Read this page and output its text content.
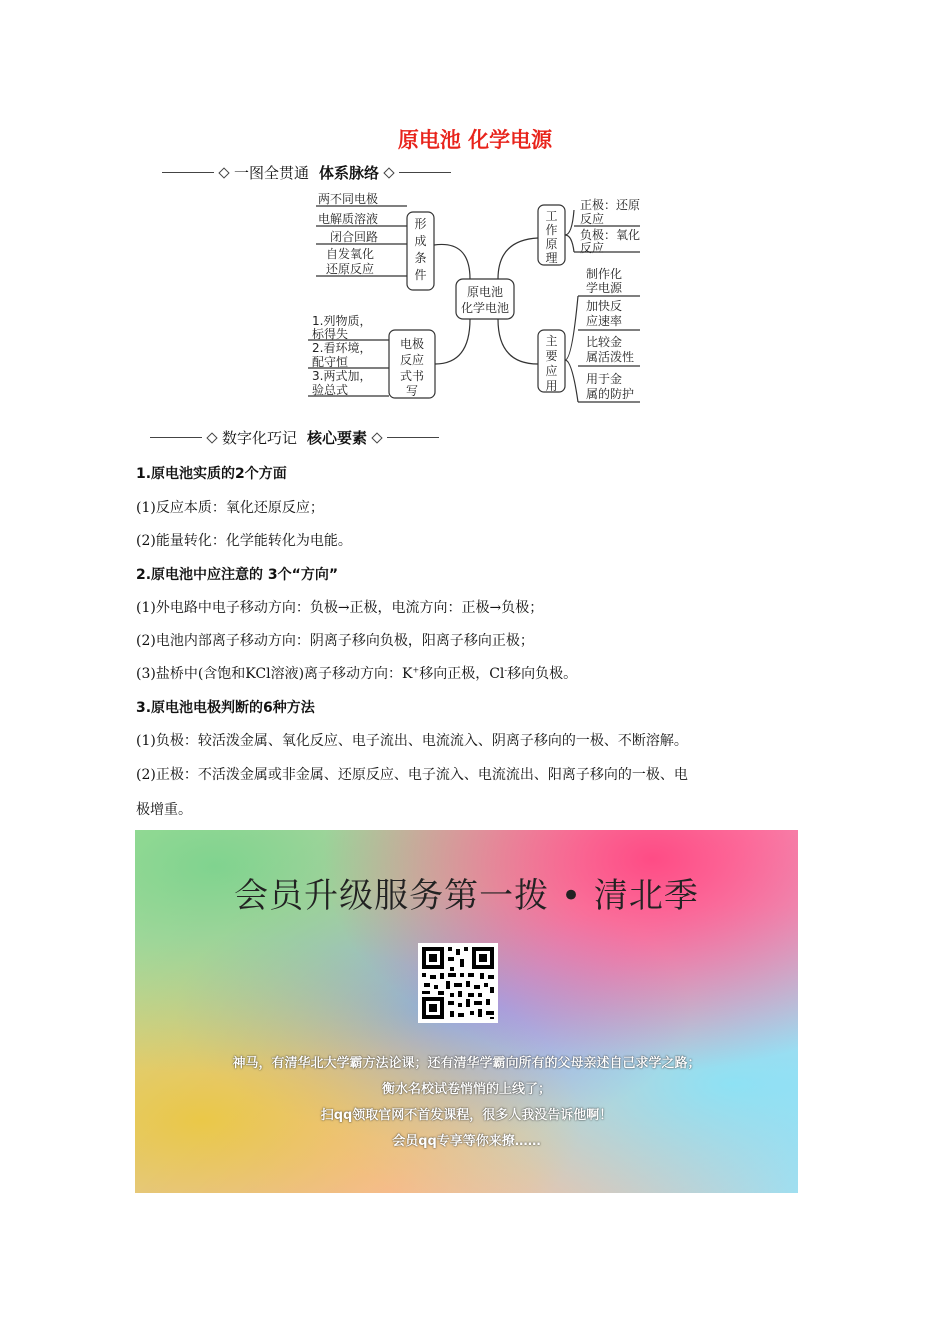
原电池 化学电源
一图全贯通 体系脉络
原电池
化学电池
形
成
条
件
工
作
原
理
电极
反应
式书
写
主
要
应
用
两不同电极
电解质溶液
闭合回路
自发氧化
还原反应
正极：还原
反应
负极：氧化
反应
1.列物质，
标得失
2.看环境，
配守恒
3.两式加，
验总式
制作化
学电源
加快反
应速率
比较金
属活泼性
用于金
属的防护
数字化巧记 核心要素
1.原电池实质的2个方面
(1)反应本质：氧化还原反应；
(2)能量转化：化学能转化为电能。
2.原电池中应注意的 3个“方向”
(1)外电路中电子移动方向：负极→正极，电流方向：正极→负极；
(2)电池内部离子移动方向：阴离子移向负极，阳离子移向正极；
(3)盐桥中(含饱和KCl溶液)离子移动方向：K+移向正极，Cl-移向负极。
3.原电池电极判断的6种方法
(1)负极：较活泼金属、氧化反应、电子流出、电流流入、阴离子移向的一极、不断溶解。
(2)正极：不活泼金属或非金属、还原反应、电子流入、电流流出、阳离子移向的一极、电
极增重。
会员升级服务第一拨 • 清北季
神马，有清华北大学霸方法论课；还有清华学霸向所有的父母亲述自己求学之路；
衡水名校试卷悄悄的上线了；
扫qq领取官网不首发课程，很多人我没告诉他啊！
会员qq专享等你来撩……
